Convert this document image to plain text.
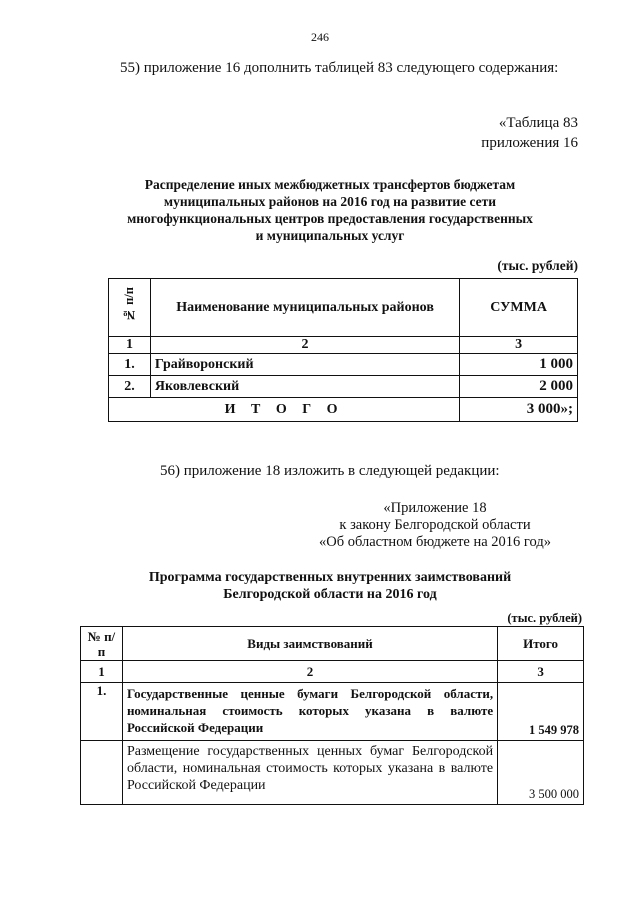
246
55) приложение 16 дополнить таблицей 83 следующего содержания:
«Таблица 83
приложения 16
Распределение иных межбюджетных трансфертов бюджетам
муниципальных районов на 2016 год на развитие сети
многофункциональных центров предоставления государственных
и муниципальных услуг
(тыс. рублей)
№ п/п	Наименование муниципальных районов	СУММА
1	2	3
1.	Грайворонский	1 000
2.	Яковлевский	2 000
И Т О Г О		3 000»;
56) приложение 18 изложить в следующей редакции:
«Приложение 18
к закону Белгородской области
«Об областном бюджете на 2016 год»
Программа государственных внутренних заимствований
Белгородской области на 2016 год
(тыс. рублей)
№ п/п	Виды заимствований	Итого
1	2	3
1.	Государственные ценные бумаги Белгородской области, номинальная стоимость которых указана в валюте Российской Федерации	1 549 978

	Размещение государственных ценных бумаг Белгородской области, номинальная стоимость которых указана в валюте Российской Федерации	3 500 000
